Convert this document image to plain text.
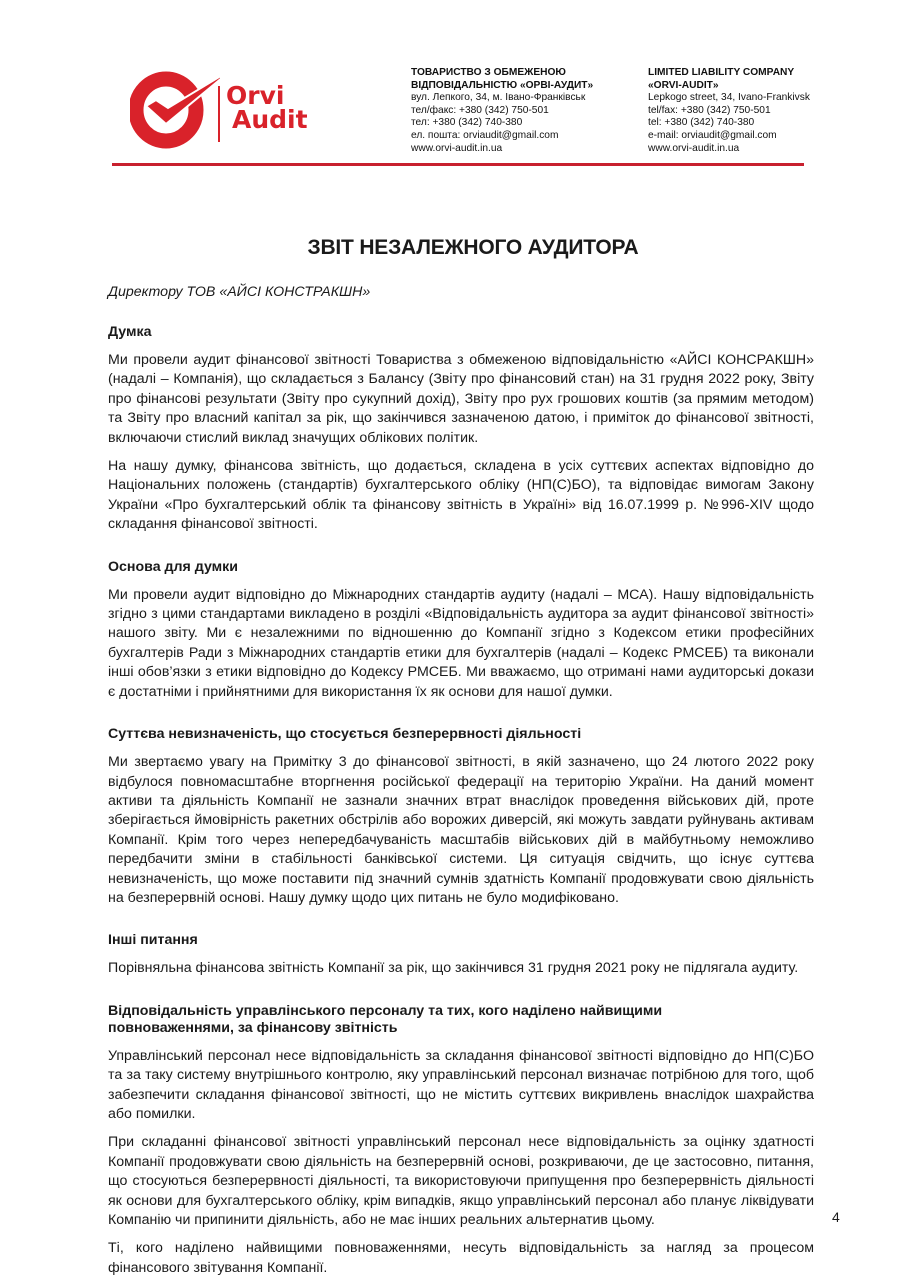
Orvi
Audit
ТОВАРИСТВО З ОБМЕЖЕНОЮ
ВІДПОВІДАЛЬНІСТЮ «ОРВІ-АУДИТ»
вул. Лепкого, 34, м. Івано-Франківськ
тел/факс: +380 (342) 750-501
тел: +380 (342) 740-380
ел. пошта: orviaudit@gmail.com
www.orvi-audit.in.ua
LIMITED LIABILITY COMPANY
«ORVI-AUDIT»
Lepkogo street, 34, Ivano-Frankivsk
tel/fax: +380 (342) 750-501
tel: +380 (342) 740-380
e-mail: orviaudit@gmail.com
www.orvi-audit.in.ua
ЗВІТ НЕЗАЛЕЖНОГО АУДИТОРА
Директору ТОВ «АЙСІ КОНСТРАКШН»
Думка

Ми провели аудит фінансової звітності Товариства з обмеженою відповідальністю «АЙСІ КОНСРАКШН» (надалі – Компанія), що складається з Балансу (Звіту про фінансовий стан) на 31 грудня 2022 року, Звіту про фінансові результати (Звіту про сукупний дохід), Звіту про рух грошових коштів (за прямим методом) та Звіту про власний капітал за рік, що закінчився зазначеною датою, і приміток до фінансової звітності, включаючи стислий виклад значущих облікових політик.

На нашу думку, фінансова звітність, що додається, складена в усіх суттєвих аспектах відповідно до Національних положень (стандартів) бухгалтерського обліку (НП(С)БО), та відповідає вимогам Закону України «Про бухгалтерський облік та фінансову звітність в Україні» від 16.07.1999 р. №996-XIV щодо складання фінансової звітності.

Основа для думки

Ми провели аудит відповідно до Міжнародних стандартів аудиту (надалі – МСА). Нашу відповідальність згідно з цими стандартами викладено в розділі «Відповідальність аудитора за аудит фінансової звітності» нашого звіту. Ми є незалежними по відношенню до Компанії згідно з Кодексом етики професійних бухгалтерів Ради з Міжнародних стандартів етики для бухгалтерів (надалі – Кодекс РМСЕБ) та виконали інші обов’язки з етики відповідно до Кодексу РМСЕБ. Ми вважаємо, що отримані нами аудиторські докази є достатніми і прийнятними для використання їх як основи для нашої думки.

Суттєва невизначеність, що стосується безперервності діяльності

Ми звертаємо увагу на Примітку 3 до фінансової звітності, в якій зазначено, що 24 лютого 2022 року відбулося повномасштабне вторгнення російської федерації на територію України. На даний момент активи та діяльність Компанії не зазнали значних втрат внаслідок проведення військових дій, проте зберігається ймовірність ракетних обстрілів або ворожих диверсій, які можуть завдати руйнувань активам Компанії. Крім того через непередбачуваність масштабів військових дій в майбутньому неможливо передбачити зміни в стабільності банківської системи. Ця ситуація свідчить, що існує суттєва невизначеність, що може поставити під значний сумнів здатність Компанії продовжувати свою діяльність на безперервній основі. Нашу думку щодо цих питань не було модифіковано.

Інші питання

Порівняльна фінансова звітність Компанії за рік, що закінчився 31 грудня 2021 року не підлягала аудиту.

Відповідальність управлінського персоналу та тих, кого наділено найвищими
повноваженнями, за фінансову звітність

Управлінський персонал несе відповідальність за складання фінансової звітності відповідно до НП(С)БО та за таку систему внутрішнього контролю, яку управлінський персонал визначає потрібною для того, щоб забезпечити складання фінансової звітності, що не містить суттєвих викривлень внаслідок шахрайства або помилки.

При складанні фінансової звітності управлінський персонал несе відповідальність за оцінку здатності Компанії продовжувати свою діяльність на безперервній основі, розкриваючи, де це застосовно, питання, що стосуються безперервності діяльності, та використовуючи припущення про безперервність діяльності як основи для бухгалтерського обліку, крім випадків, якщо управлінський персонал або планує ліквідувати Компанію чи припинити діяльність, або не має інших реальних альтернатив цьому.

Ті, кого наділено найвищими повноваженнями, несуть відповідальність за нагляд за процесом фінансового звітування Компанії.

4
